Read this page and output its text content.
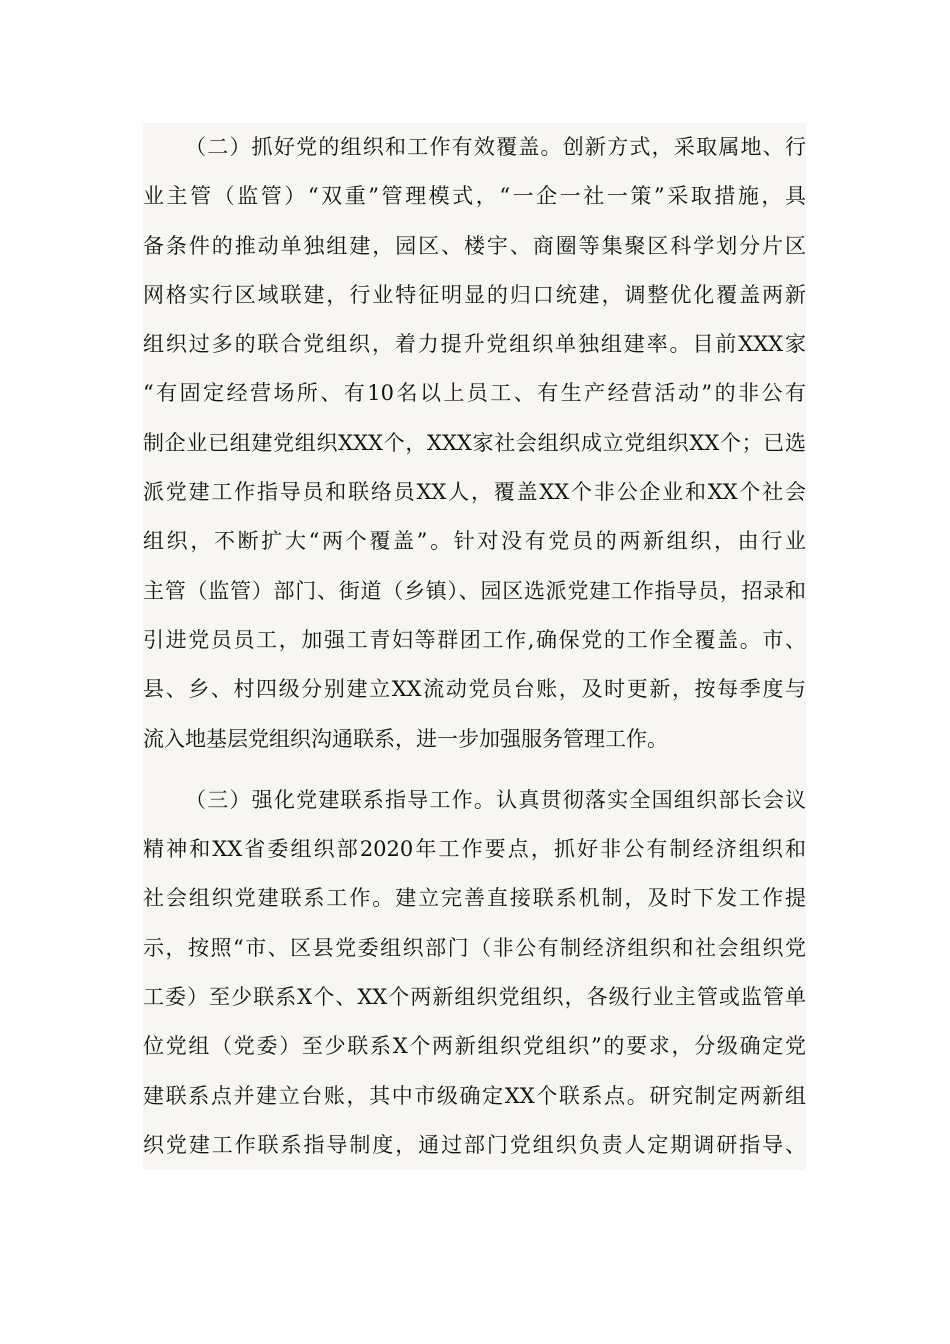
（二）抓好党的组织和工作有效覆盖。创新方式，采取属地、行
业主管（监管）“双重”管理模式，“一企一社一策”采取措施，具
备条件的推动单独组建，园区、楼宇、商圈等集聚区科学划分片区
网格实行区域联建，行业特征明显的归口统建，调整优化覆盖两新
组织过多的联合党组织，着力提升党组织单独组建率。目前XXX家
“有固定经营场所、有10名以上员工、有生产经营活动”的非公有
制企业已组建党组织XXX个，XXX家社会组织成立党组织XX个；已选
派党建工作指导员和联络员XX人，覆盖XX个非公企业和XX个社会
组织，不断扩大“两个覆盖”。针对没有党员的两新组织，由行业
主管（监管）部门、街道（乡镇）、园区选派党建工作指导员，招录和
引进党员员工，加强工青妇等群团工作,确保党的工作全覆盖。市、
县、乡、村四级分别建立XX流动党员台账，及时更新，按每季度与
流入地基层党组织沟通联系，进一步加强服务管理工作。
（三）强化党建联系指导工作。认真贯彻落实全国组织部长会议
精神和XX省委组织部2020年工作要点，抓好非公有制经济组织和
社会组织党建联系工作。建立完善直接联系机制，及时下发工作提
示，按照“市、区县党委组织部门（非公有制经济组织和社会组织党
工委）至少联系X个、XX个两新组织党组织，各级行业主管或监管单
位党组（党委）至少联系X个两新组织党组织”的要求，分级确定党
建联系点并建立台账，其中市级确定XX个联系点。研究制定两新组
织党建工作联系指导制度，通过部门党组织负责人定期调研指导、
